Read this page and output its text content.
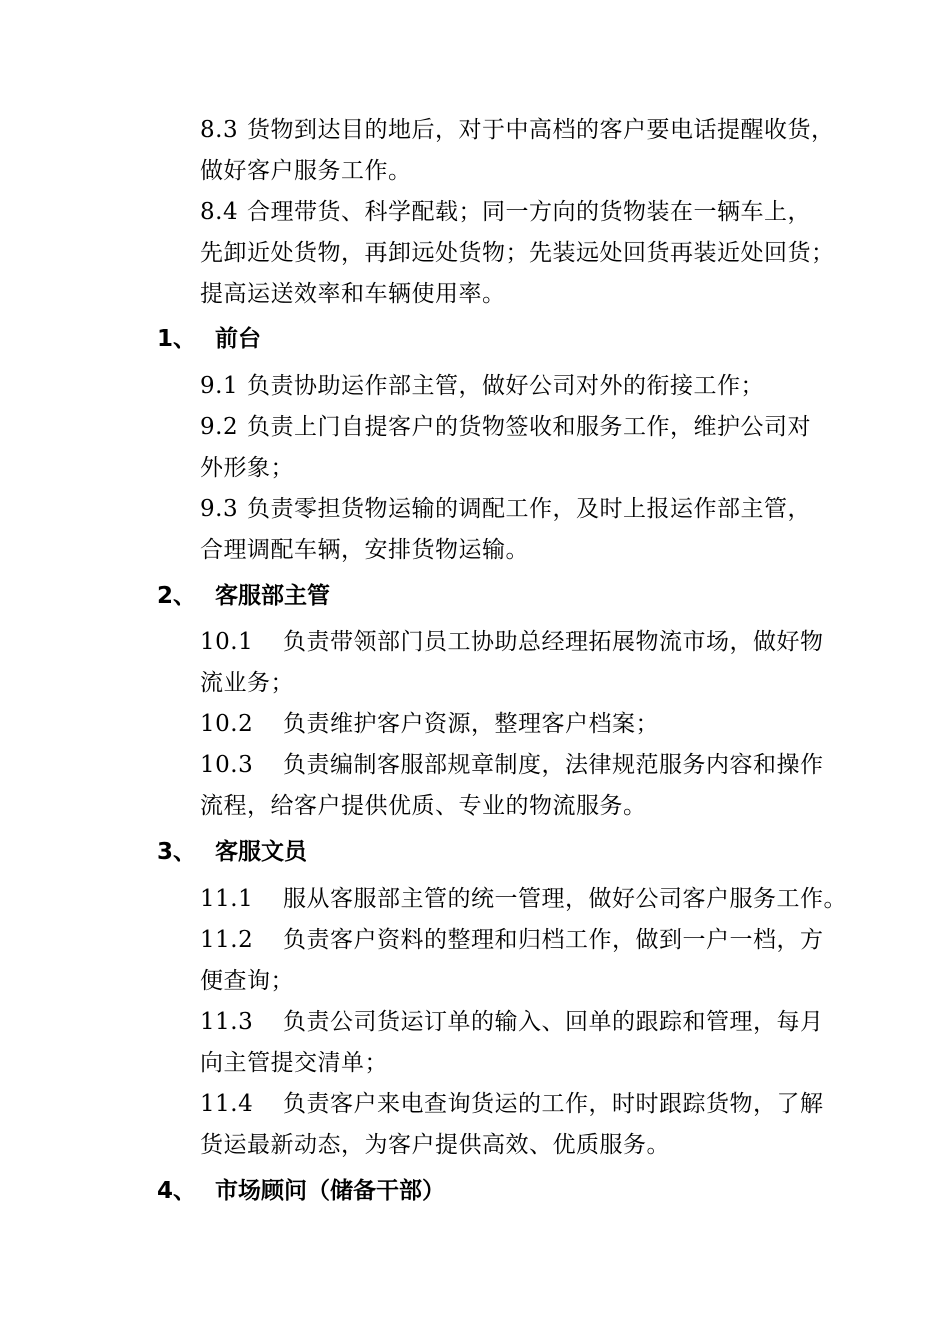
8.3 货物到达目的地后，对于中高档的客户要电话提醒收货，
做好客户服务工作。
8.4 合理带货、科学配载；同一方向的货物装在一辆车上，
先卸近处货物，再卸远处货物；先装远处回货再装近处回货；
提高运送效率和车辆使用率。
1、 前台
9.1 负责协助运作部主管，做好公司对外的衔接工作；
9.2 负责上门自提客户的货物签收和服务工作，维护公司对
外形象；
9.3 负责零担货物运输的调配工作，及时上报运作部主管，
合理调配车辆，安排货物运输。
2、 客服部主管
10.1 负责带领部门员工协助总经理拓展物流市场，做好物
流业务；
10.2 负责维护客户资源，整理客户档案；
10.3 负责编制客服部规章制度，法律规范服务内容和操作
流程，给客户提供优质、专业的物流服务。
3、 客服文员
11.1 服从客服部主管的统一管理，做好公司客户服务工作。
11.2 负责客户资料的整理和归档工作，做到一户一档，方
便查询；
11.3 负责公司货运订单的输入、回单的跟踪和管理，每月
向主管提交清单；
11.4 负责客户来电查询货运的工作，时时跟踪货物，了解
货运最新动态，为客户提供高效、优质服务。
4、 市场顾问（储备干部）
